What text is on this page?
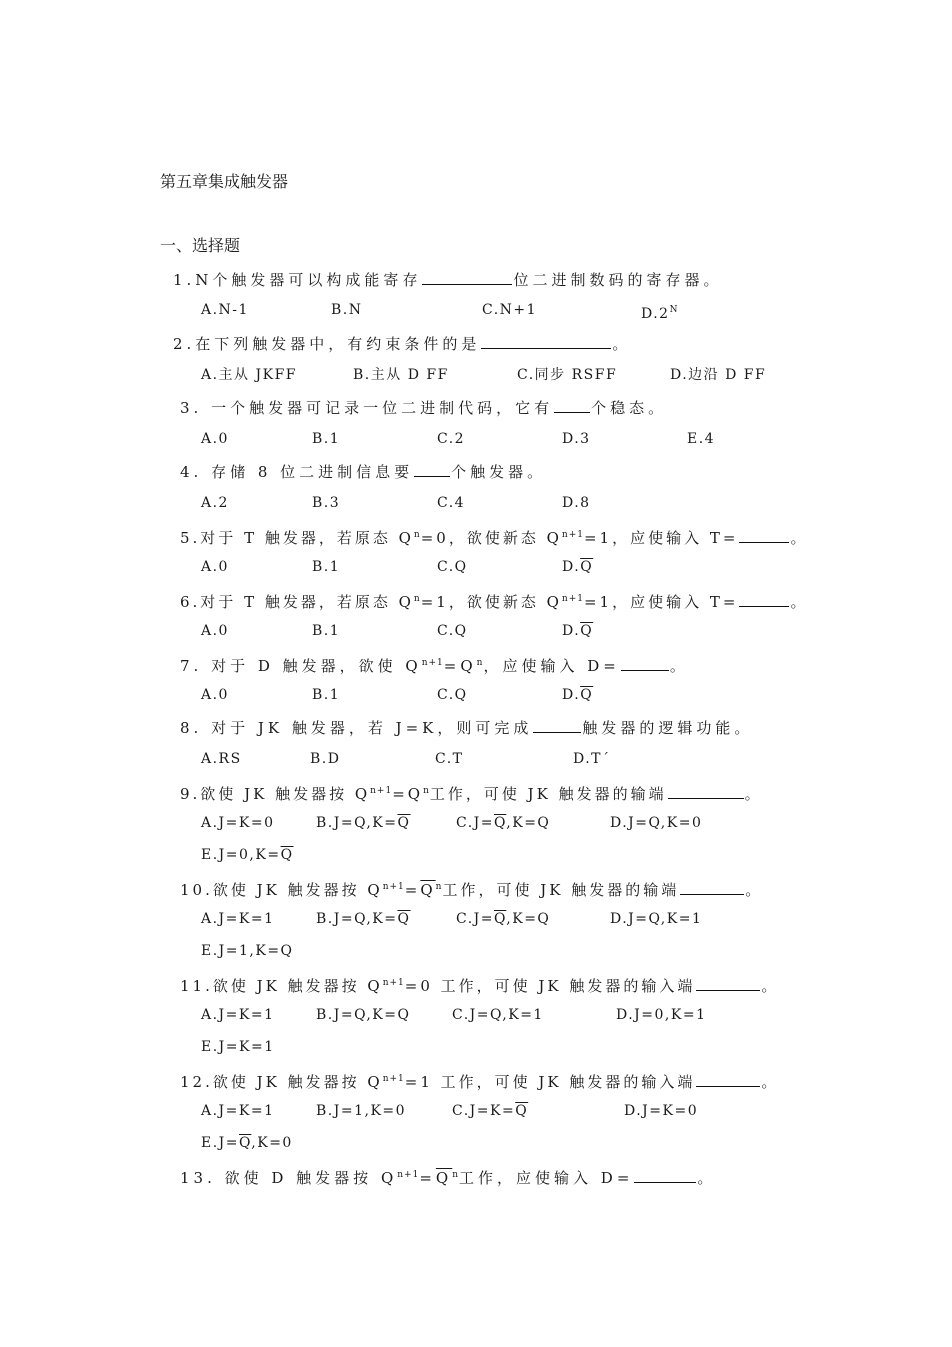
第五章集成触发器
一、选择题
1.N个触发器可以构成能寄存	位二进制数码的寄存器。
A.N-1	B.N	C.N+1	$D.2^N$
2.在下列触发器中，有约束条件的是	。
A.主从 JKFF	B.主从 D FF	C.同步 RSFF	D.边沿 D FF
3. 一个触发器可记录一位二进制代码，它有	个稳态。
A.0	B.1	C.2	D.3	E.4
4. 存储 8 位二进制信息要	个触发器。
A.2	B.3	C.4	D.8
5.对于 T 触发器，若原态 $Q^n=0$，欲使新态 $Q^{n+1}=1$，应使输入 T=	。
A.0	B.1	C.Q	$D.\overline{Q}$
6.对于 T 触发器，若原态 $Q^n=1$，欲使新态 $Q^{n+1}=1$，应使输入 T=	。
A.0	B.1	C.Q	$D.\overline{Q}$
7. 对于 D 触发器，欲使 $Q^{n+1}=Q^n$，应使输入 D=	。
A.0	B.1	C.Q	$D.\overline{Q}$
8. 对于 JK 触发器，若 J=K，则可完成	触发器的逻辑功能。
A.RS	B.D	C.T	D.T´
9.欲使 JK 触发器按 $Q^{n+1}=Q^n$工作，可使 JK 触发器的输端	。
A.J=K=0	$B.J=Q,K=\overline{Q}$	$C.J=\overline{Q},K=Q$	D.J=Q,K=0
$E.J=0,K=\overline{Q}$
10.欲使 JK 触发器按 $Q^{n+1}=\overline{Q}^n$工作，可使 JK 触发器的输端	。
A.J=K=1	$B.J=Q,K=\overline{Q}$	$C.J=\overline{Q},K=Q$	D.J=Q,K=1
E.J=1,K=Q
11.欲使 JK 触发器按 $Q^{n+1}=0$ 工作，可使 JK 触发器的输入端	。
A.J=K=1	B.J=Q,K=Q	C.J=Q,K=1	D.J=0,K=1
E.J=K=1
12.欲使 JK 触发器按 $Q^{n+1}=1$ 工作，可使 JK 触发器的输入端	。
A.J=K=1	B.J=1,K=0	$C.J=K=\overline{Q}$	D.J=K=0
$E.J=\overline{Q},K=0$
13. 欲使 D 触发器按 $Q^{n+1}=\overline{Q}^n$工作，应使输入 D=	。
